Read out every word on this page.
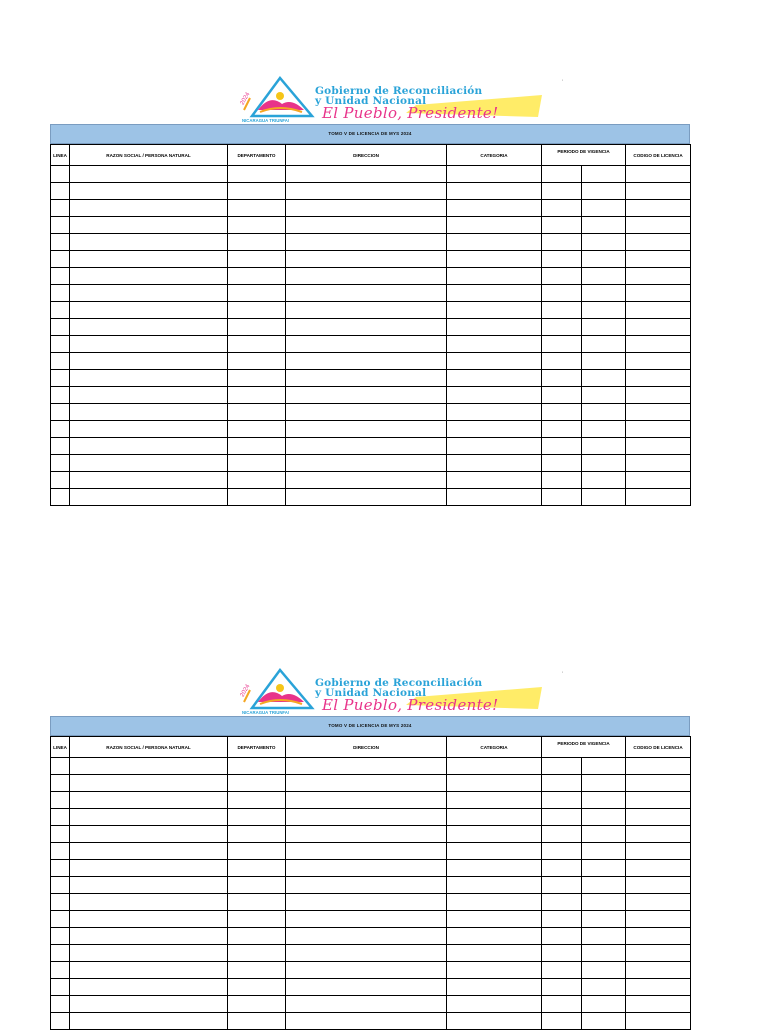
2024
NICARAGUA TRIUNFA!
Gobierno de Reconciliación
y Unidad Nacional
El Pueblo, Presidente!
'
TOMO V DE LICENCIA DE MYS 2024
LINEA	RAZON SOCIAL / PERSONA NATURAL	DEPARTAMENTO	DIRECCION	CATEGORIA	PERIODO DE VIGENCIA		CODIGO DE LICENCIA

2024
NICARAGUA TRIUNFA!
Gobierno de Reconciliación
y Unidad Nacional
El Pueblo, Presidente!
'
TOMO V DE LICENCIA DE MYS 2024
LINEA	RAZON SOCIAL / PERSONA NATURAL	DEPARTAMENTO	DIRECCION	CATEGORIA	PERIODO DE VIGENCIA		CODIGO DE LICENCIA
